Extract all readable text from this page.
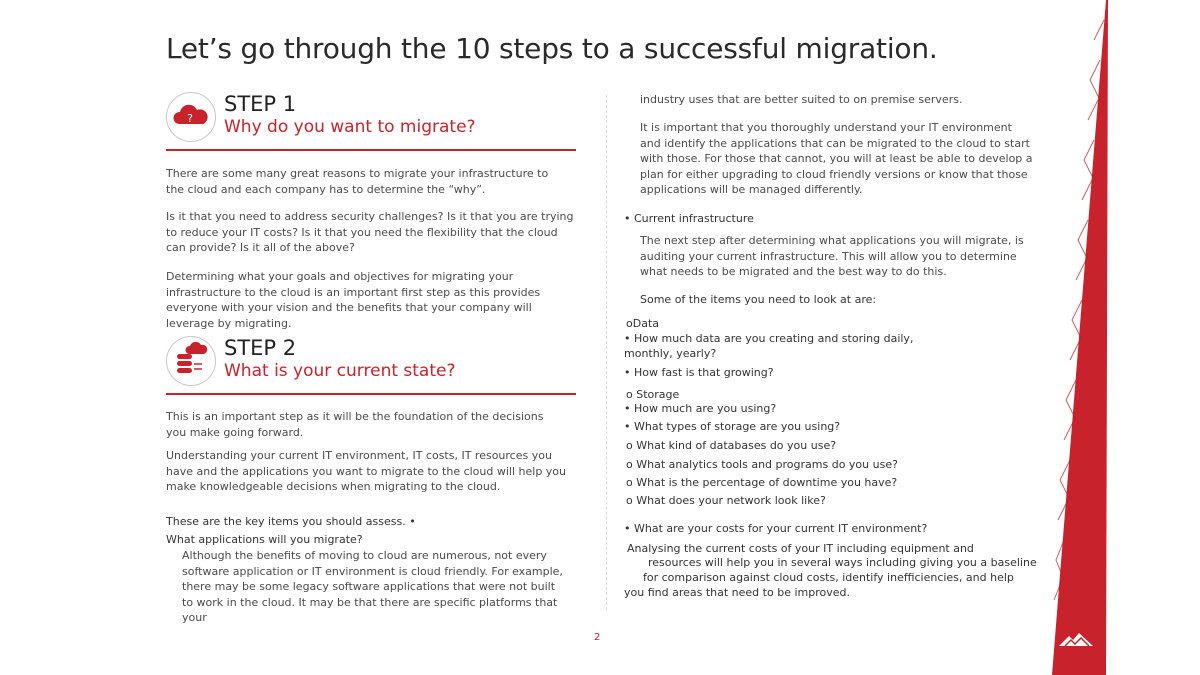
Let’s go through the 10 steps to a successful migration.
?
STEP 1
Why do you want to migrate?

There are some many great reasons to migrate your infrastructure to the cloud and each company has to determine the “why”.

Is it that you need to address security challenges? Is it that you are trying to reduce your IT costs? Is it that you need the flexibility that the cloud can provide? Is it all of the above?

Determining what your goals and objectives for migrating your infrastructure to the cloud is an important first step as this provides everyone with your vision and the benefits that your company will leverage by migrating.

STEP 2
What is your current state?

This is an important step as it will be the foundation of the decisions you make going forward.

Understanding your current IT environment, IT costs, IT resources you have and the applications you want to migrate to the cloud will help you make knowledgeable decisions when migrating to the cloud.

These are the key items you should assess. •

What applications will you migrate?

Although the benefits of moving to cloud are numerous, not every software application or IT environment is cloud friendly. For example, there may be some legacy software applications that were not built to work in the cloud. It may be that there are specific platforms that your

industry uses that are better suited to on premise servers.

It is important that you thoroughly understand your IT environment and identify the applications that can be migrated to the cloud to start with those. For those that cannot, you will at least be able to develop a plan for either upgrading to cloud friendly versions or know that those applications will be managed differently.

• Current infrastructure

The next step after determining what applications you will migrate, is auditing your current infrastructure. This will allow you to determine what needs to be migrated and the best way to do this.

Some of the items you need to look at are:

oData

• How much data are you creating and storing daily,

monthly, yearly?

• How fast is that growing?

o Storage

• How much are you using?

• What types of storage are you using?

o What kind of databases do you use?

o What analytics tools and programs do you use?

o What is the percentage of downtime you have?

o What does your network look like?

• What are your costs for your current IT environment?

Analysing the current costs of your IT including equipment and

resources will help you in several ways including giving you a baseline

for comparison against cloud costs, identify inefficiencies, and help

you find areas that need to be improved.

2
